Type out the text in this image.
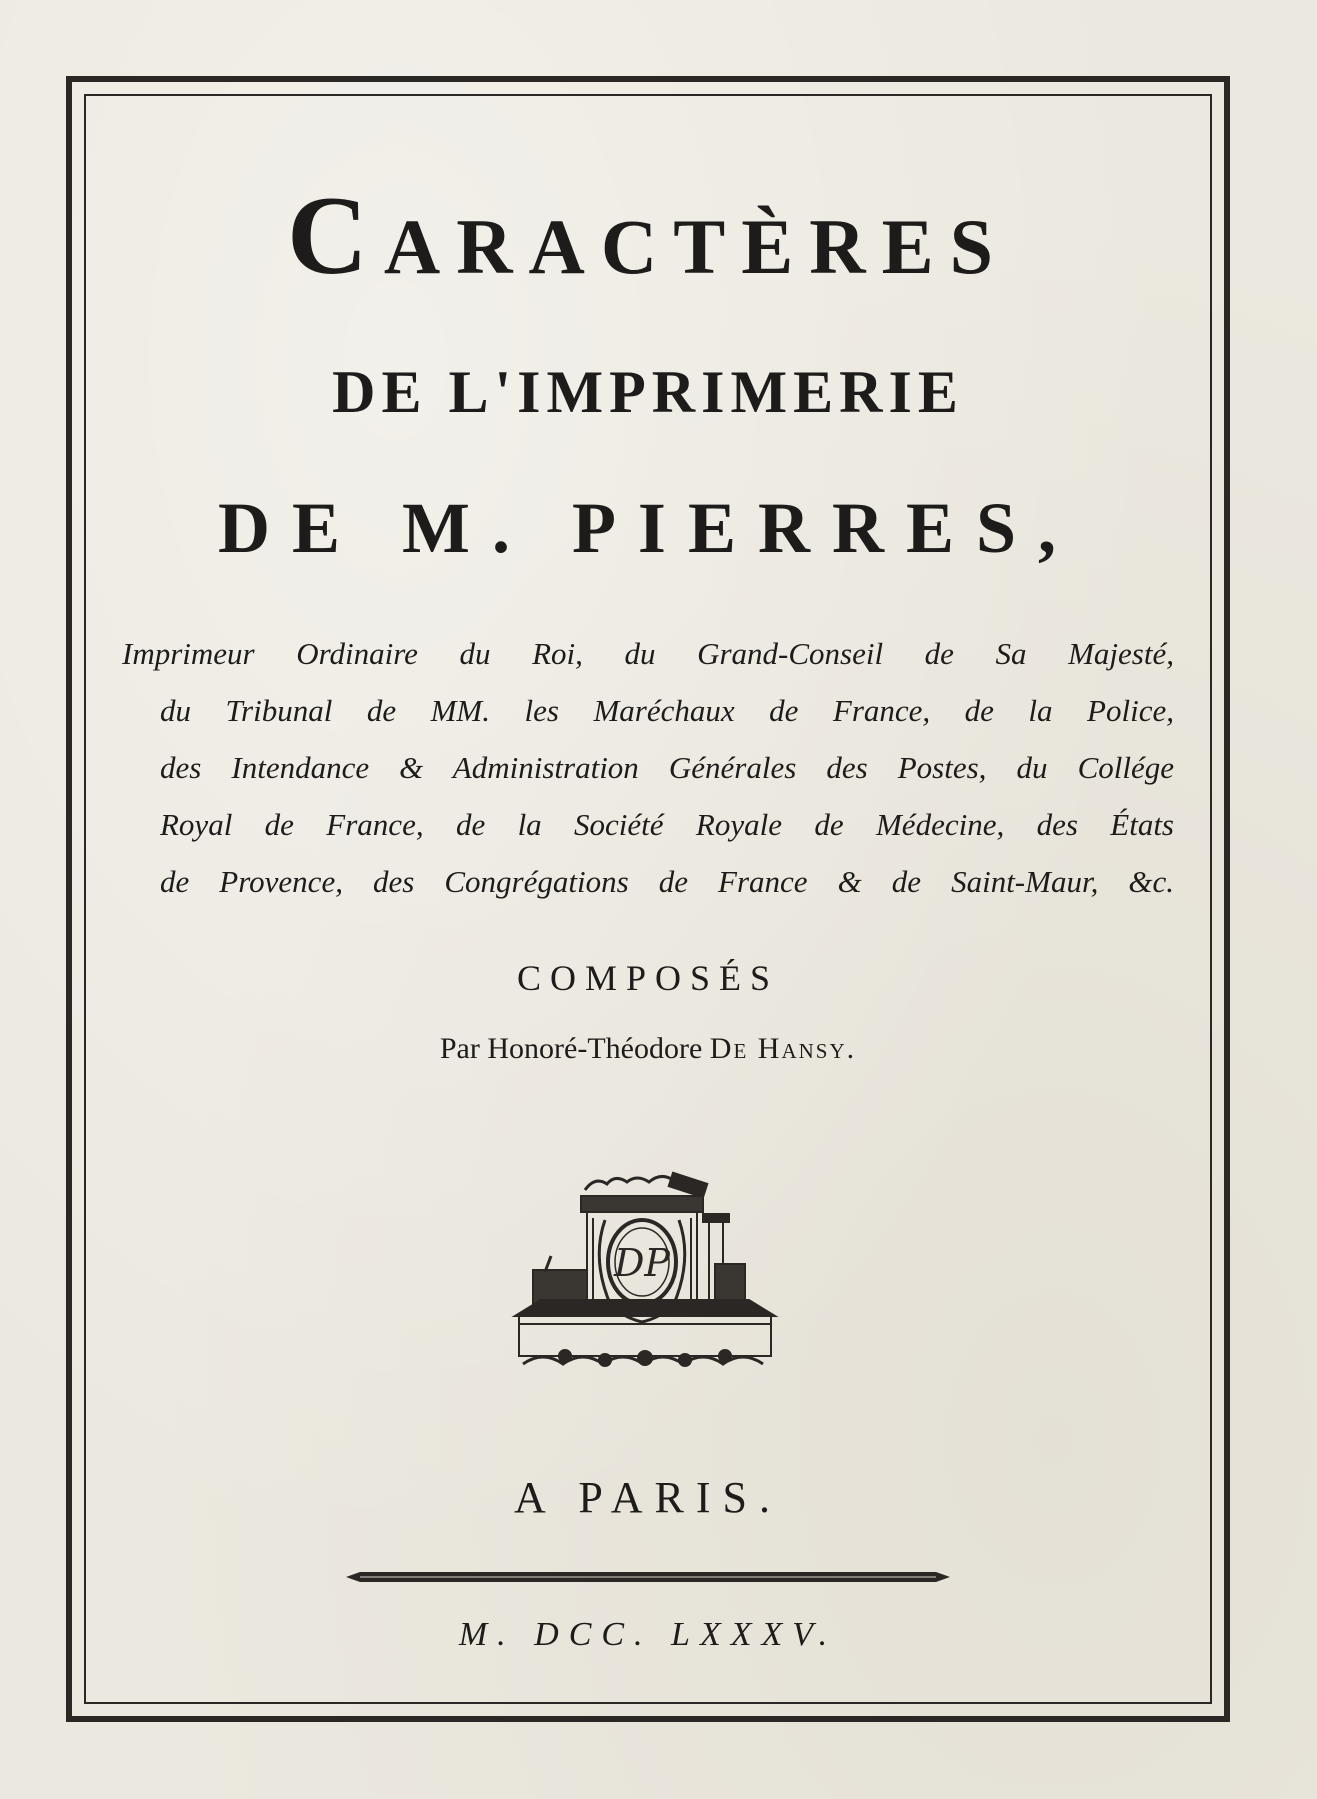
Caractères
DE L'IMPRIMERIE
DE M. PIERRES,
Imprimeur Ordinaire du Roi, du Grand-Conseil de Sa Majesté,
du Tribunal de MM. les Maréchaux de France, de la Police,
des Intendance & Administration Générales des Postes, du Collége
Royal de France, de la Société Royale de Médecine, des États
de Provence, des Congrégations de France & de Saint-Maur, &c.
COMPOSÉS
Par Honoré-Théodore De Hansy.
DP
A PARIS.
M. DCC. LXXXV.
